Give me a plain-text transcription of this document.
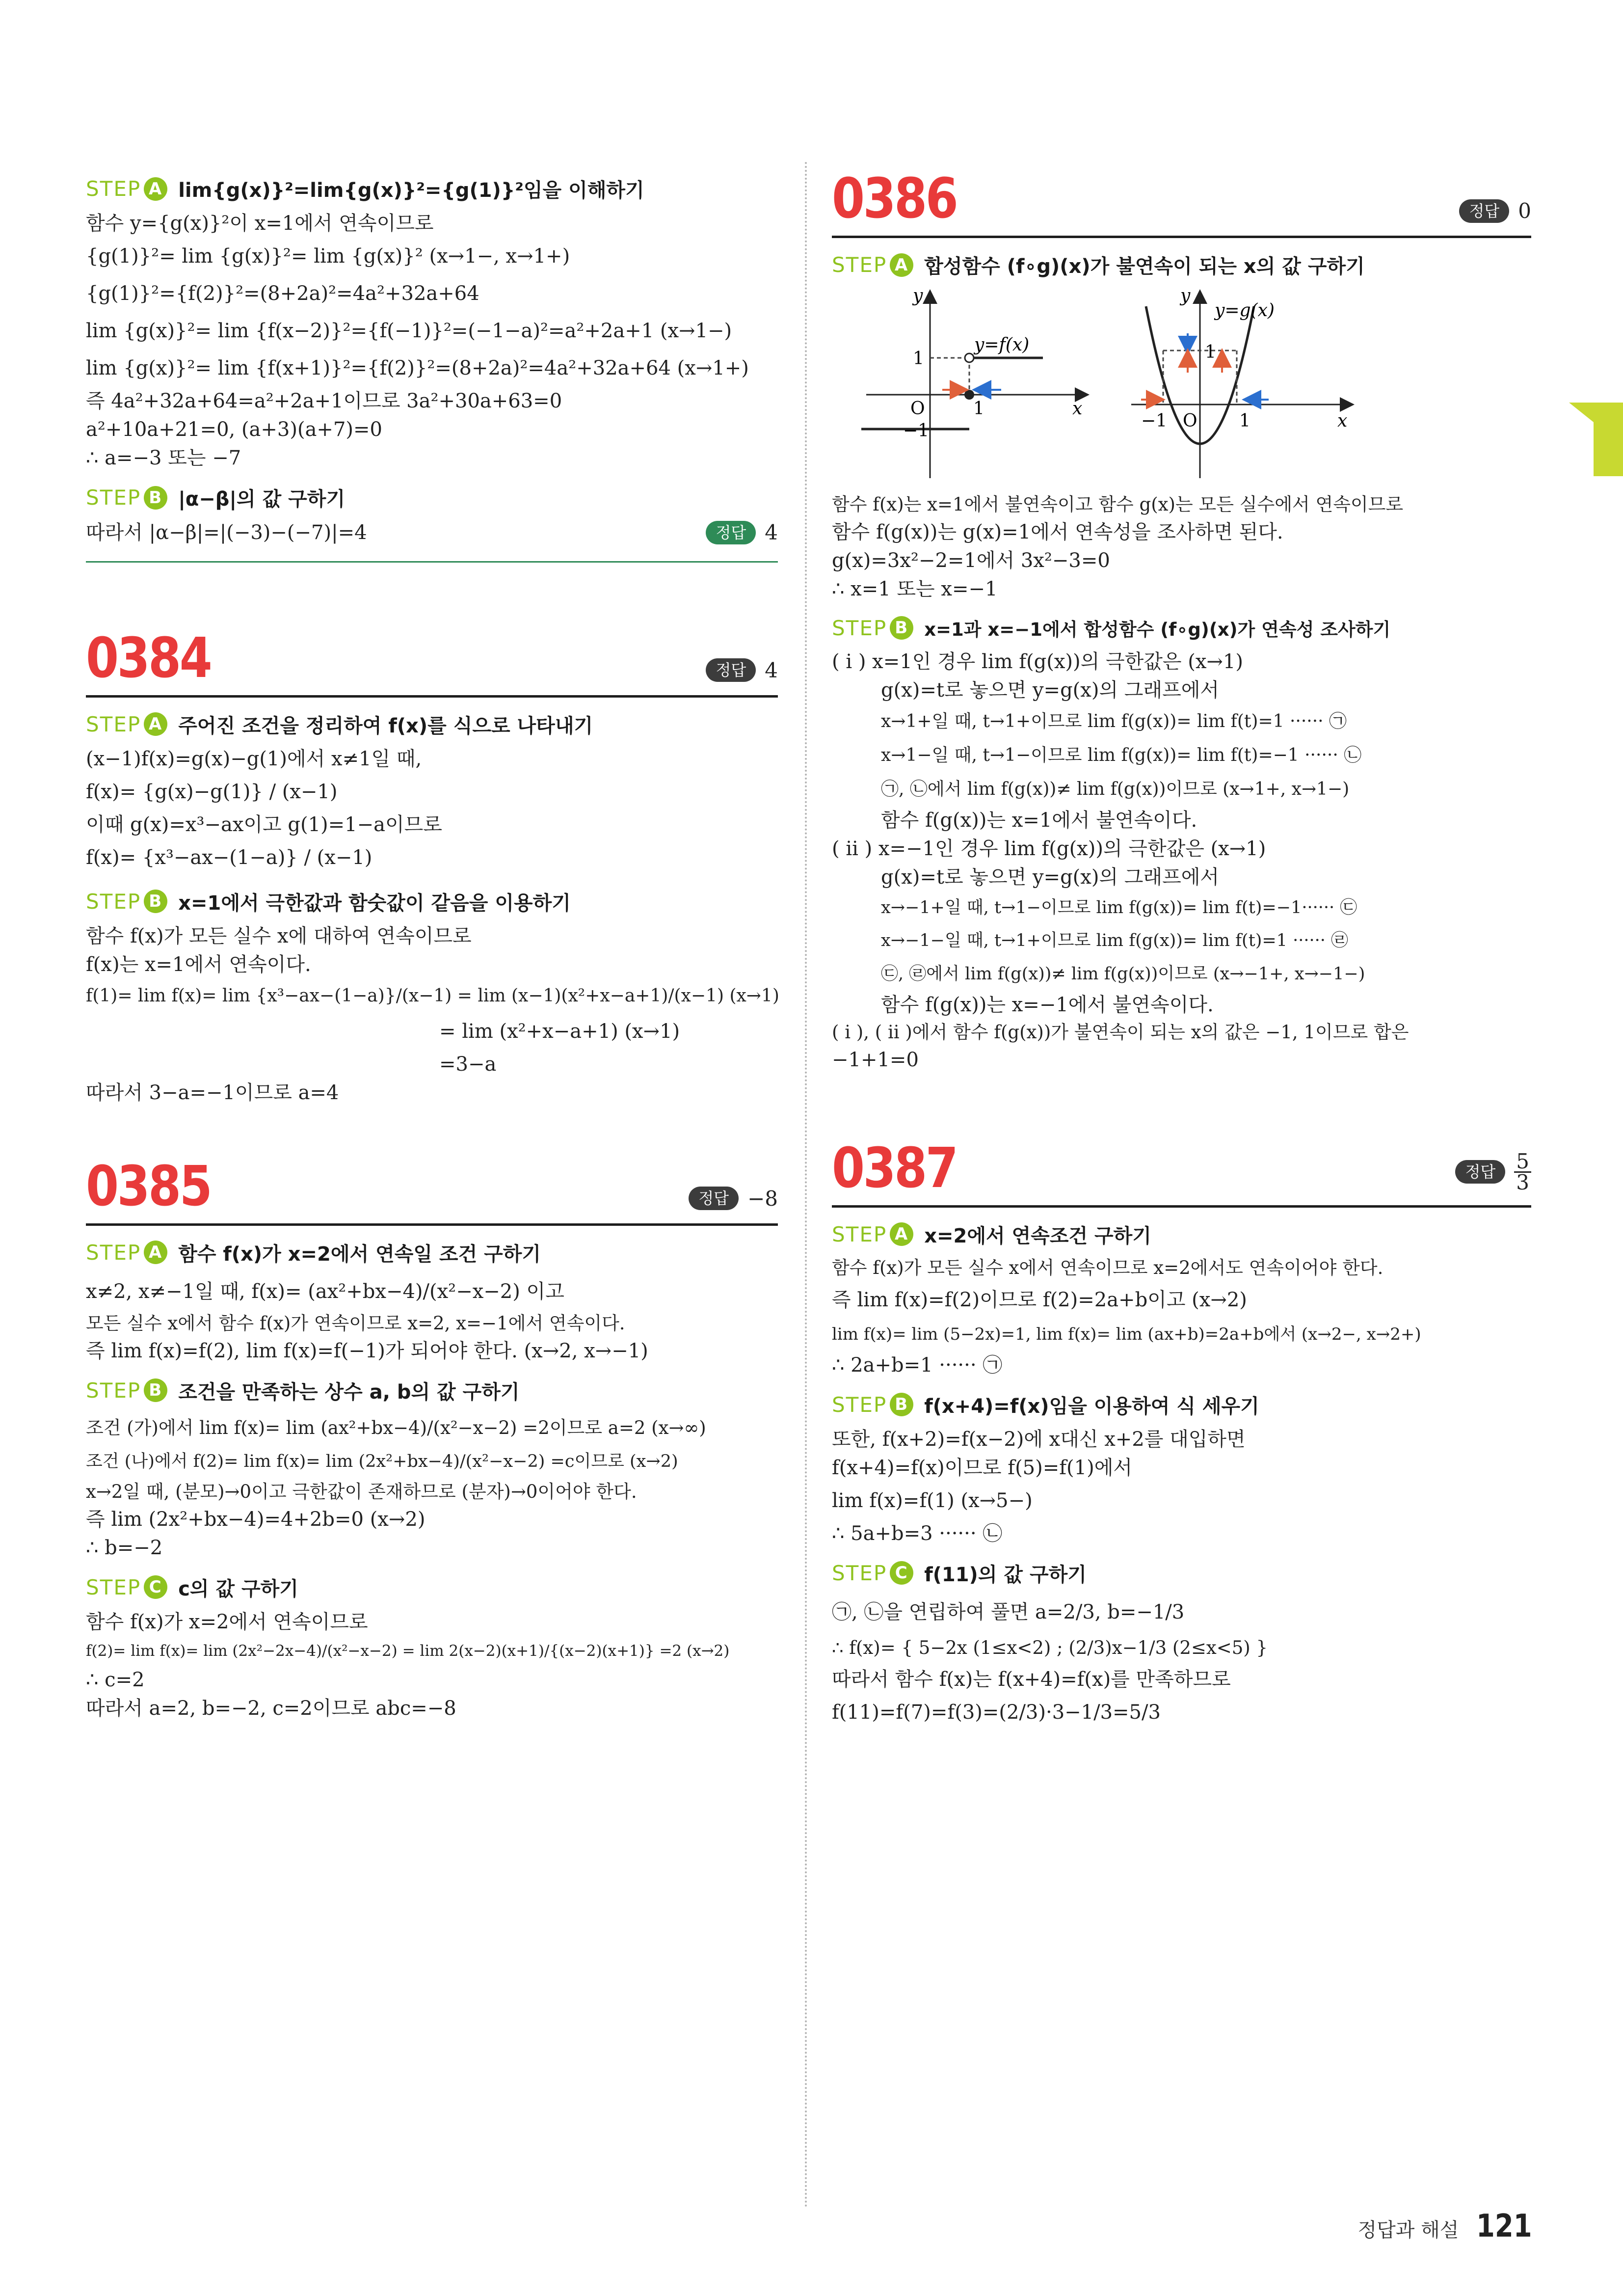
STEP A lim{g(x)}²=lim{g(x)}²={g(1)}²임을 이해하기
함수 y={g(x)}²이 x=1에서 연속이므로
{g(1)}²= lim {g(x)}²= lim {g(x)}² (x→1−, x→1+)
{g(1)}²={f(2)}²=(8+2a)²=4a²+32a+64
lim {g(x)}²= lim {f(x−2)}²={f(−1)}²=(−1−a)²=a²+2a+1 (x→1−)
lim {g(x)}²= lim {f(x+1)}²={f(2)}²=(8+2a)²=4a²+32a+64 (x→1+)
즉 4a²+32a+64=a²+2a+1이므로 3a²+30a+63=0
a²+10a+21=0, (a+3)(a+7)=0
∴ a=−3 또는 −7
STEP B |α−β|의 값 구하기
따라서 |α−β|=|(−3)−(−7)|=4	정답 4
0384	정답 4
STEP A 주어진 조건을 정리하여 f(x)를 식으로 나타내기
(x−1)f(x)=g(x)−g(1)에서 x≠1일 때,
f(x)= {g(x)−g(1)} / (x−1)
이때 g(x)=x³−ax이고 g(1)=1−a이므로
f(x)= {x³−ax−(1−a)} / (x−1)
STEP B x=1에서 극한값과 함숫값이 같음을 이용하기
함수 f(x)가 모든 실수 x에 대하여 연속이므로
f(x)는 x=1에서 연속이다.
f(1)= lim f(x)= lim {x³−ax−(1−a)}/(x−1) = lim (x−1)(x²+x−a+1)/(x−1) (x→1)
= lim (x²+x−a+1) (x→1)
=3−a
따라서 3−a=−1이므로 a=4
0385	정답 −8
STEP A 함수 f(x)가 x=2에서 연속일 조건 구하기
x≠2, x≠−1일 때, f(x)= (ax²+bx−4)/(x²−x−2) 이고
모든 실수 x에서 함수 f(x)가 연속이므로 x=2, x=−1에서 연속이다.
즉 lim f(x)=f(2), lim f(x)=f(−1)가 되어야 한다. (x→2, x→−1)
STEP B 조건을 만족하는 상수 a, b의 값 구하기
조건 (가)에서 lim f(x)= lim (ax²+bx−4)/(x²−x−2) =2이므로 a=2 (x→∞)
조건 (나)에서 f(2)= lim f(x)= lim (2x²+bx−4)/(x²−x−2) =c이므로 (x→2)
x→2일 때, (분모)→0이고 극한값이 존재하므로 (분자)→0이어야 한다.
즉 lim (2x²+bx−4)=4+2b=0 (x→2)
∴ b=−2
STEP C c의 값 구하기
함수 f(x)가 x=2에서 연속이므로
f(2)= lim f(x)= lim (2x²−2x−4)/(x²−x−2) = lim 2(x−2)(x+1)/{(x−2)(x+1)} =2 (x→2)
∴ c=2
따라서 a=2, b=−2, c=2이므로 abc=−8
0386	정답 0
STEP A 합성함수 (f∘g)(x)가 불연속이 되는 x의 값 구하기
y
x
O
y=f(x)
1
−1
1
y
x
O
y=g(x)
1
−1	1
함수 f(x)는 x=1에서 불연속이고 함수 g(x)는 모든 실수에서 연속이므로
함수 f(g(x))는 g(x)=1에서 연속성을 조사하면 된다.
g(x)=3x²−2=1에서 3x²−3=0
∴ x=1 또는 x=−1
STEP B x=1과 x=−1에서 합성함수 (f∘g)(x)가 연속성 조사하기
( i ) x=1인 경우 lim f(g(x))의 극한값은 (x→1)
g(x)=t로 놓으면 y=g(x)의 그래프에서
x→1+일 때, t→1+이므로 lim f(g(x))= lim f(t)=1 ······ ㉠
x→1−일 때, t→1−이므로 lim f(g(x))= lim f(t)=−1 ······ ㉡
㉠, ㉡에서 lim f(g(x))≠ lim f(g(x))이므로 (x→1+, x→1−)
함수 f(g(x))는 x=1에서 불연속이다.
( ii ) x=−1인 경우 lim f(g(x))의 극한값은 (x→1)
g(x)=t로 놓으면 y=g(x)의 그래프에서
x→−1+일 때, t→1−이므로 lim f(g(x))= lim f(t)=−1······ ㉢
x→−1−일 때, t→1+이므로 lim f(g(x))= lim f(t)=1 ······ ㉣
㉢, ㉣에서 lim f(g(x))≠ lim f(g(x))이므로 (x→−1+, x→−1−)
함수 f(g(x))는 x=−1에서 불연속이다.
( i ), ( ii )에서 함수 f(g(x))가 불연속이 되는 x의 값은 −1, 1이므로 합은
−1+1=0
0387	정답 $\frac{5}{3}$
STEP A x=2에서 연속조건 구하기
함수 f(x)가 모든 실수 x에서 연속이므로 x=2에서도 연속이어야 한다.
즉 lim f(x)=f(2)이므로 f(2)=2a+b이고 (x→2)
lim f(x)= lim (5−2x)=1, lim f(x)= lim (ax+b)=2a+b에서 (x→2−, x→2+)
∴ 2a+b=1 ······ ㉠
STEP B f(x+4)=f(x)임을 이용하여 식 세우기
또한, f(x+2)=f(x−2)에 x대신 x+2를 대입하면
f(x+4)=f(x)이므로 f(5)=f(1)에서
lim f(x)=f(1) (x→5−)
∴ 5a+b=3 ······ ㉡
STEP C f(11)의 값 구하기
㉠, ㉡을 연립하여 풀면 a=2/3, b=−1/3
∴ f(x)= { 5−2x (1≤x<2) ; (2/3)x−1/3 (2≤x<5) }
따라서 함수 f(x)는 f(x+4)=f(x)를 만족하므로
f(11)=f(7)=f(3)=(2/3)·3−1/3=5/3
정답과 해설 121
